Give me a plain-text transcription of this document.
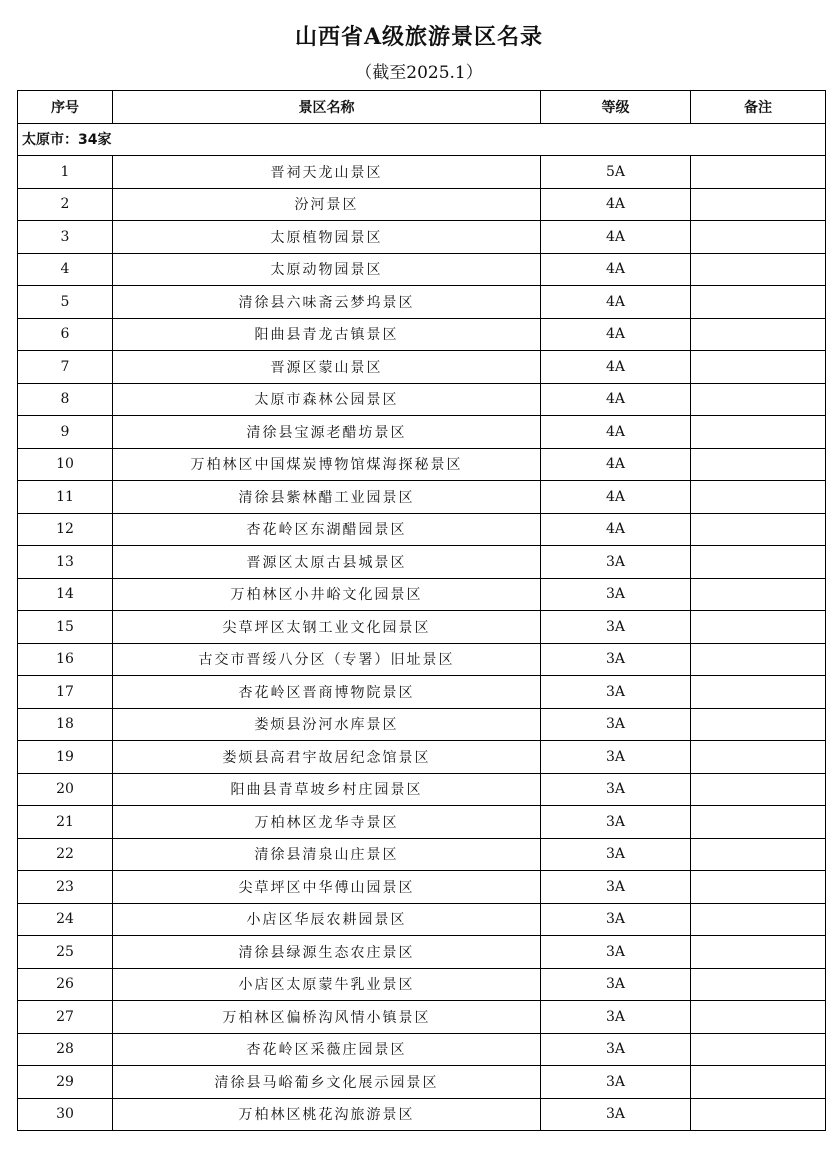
山西省A级旅游景区名录
（截至2025.1）
序号	景区名称	等级	备注
太原市：34家			
1	晋祠天龙山景区	5A	
2	汾河景区	4A	
3	太原植物园景区	4A	
4	太原动物园景区	4A	
5	清徐县六味斋云梦坞景区	4A	
6	阳曲县青龙古镇景区	4A	
7	晋源区蒙山景区	4A	
8	太原市森林公园景区	4A	
9	清徐县宝源老醋坊景区	4A	
10	万柏林区中国煤炭博物馆煤海探秘景区	4A	
11	清徐县紫林醋工业园景区	4A	
12	杏花岭区东湖醋园景区	4A	
13	晋源区太原古县城景区	3A	
14	万柏林区小井峪文化园景区	3A	
15	尖草坪区太钢工业文化园景区	3A	
16	古交市晋绥八分区（专署）旧址景区	3A	
17	杏花岭区晋商博物院景区	3A	
18	娄烦县汾河水库景区	3A	
19	娄烦县高君宇故居纪念馆景区	3A	
20	阳曲县青草坡乡村庄园景区	3A	
21	万柏林区龙华寺景区	3A	
22	清徐县清泉山庄景区	3A	
23	尖草坪区中华傅山园景区	3A	
24	小店区华辰农耕园景区	3A	
25	清徐县绿源生态农庄景区	3A	
26	小店区太原蒙牛乳业景区	3A	
27	万柏林区偏桥沟风情小镇景区	3A	
28	杏花岭区采薇庄园景区	3A	
29	清徐县马峪葡乡文化展示园景区	3A	
30	万柏林区桃花沟旅游景区	3A	
